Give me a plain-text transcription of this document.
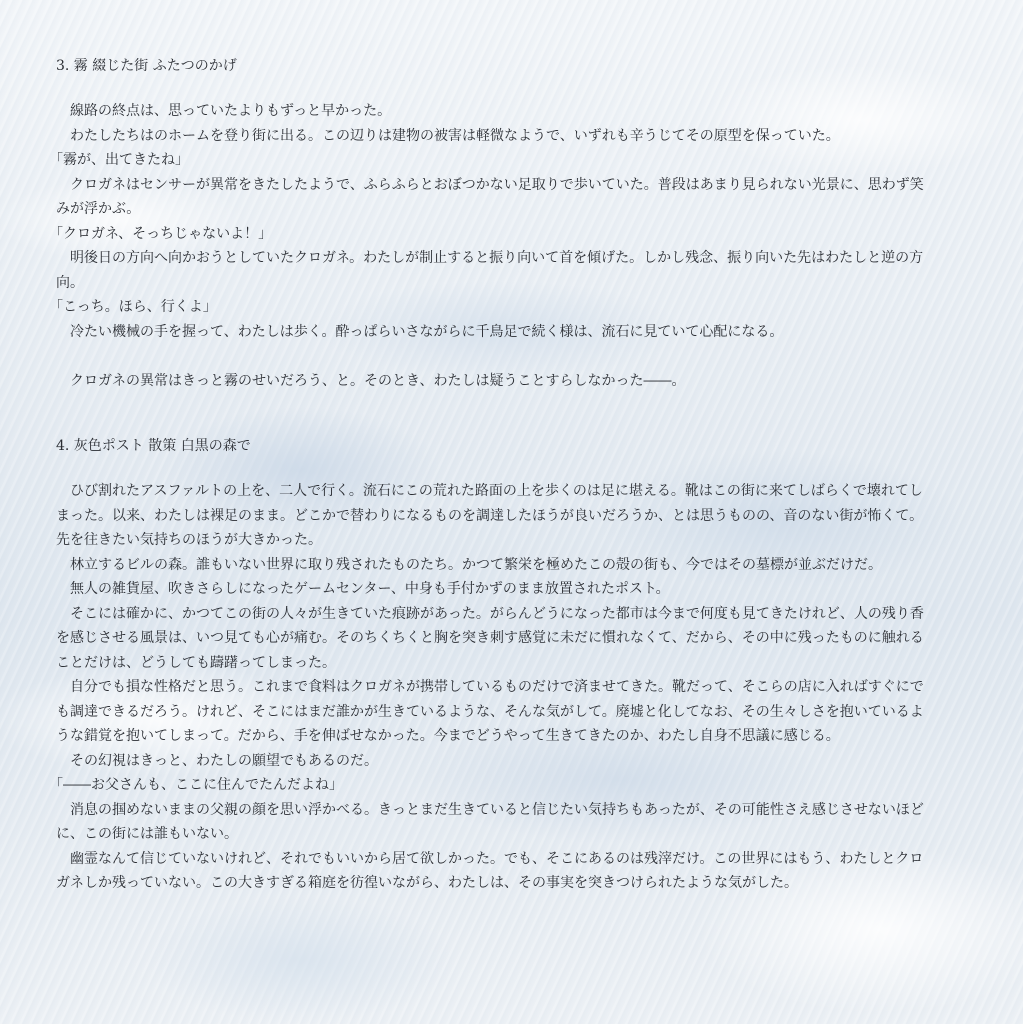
3. 霧 綴じた街 ふたつのかげ

線路の終点は、思っていたよりもずっと早かった。

わたしたちはのホームを登り街に出る。この辺りは建物の被害は軽微なようで、いずれも辛うじてその原型を保っていた。

「霧が、出てきたね」

クロガネはセンサーが異常をきたしたようで、ふらふらとおぼつかない足取りで歩いていた。普段はあまり見られない光景に、思わず笑みが浮かぶ。

「クロガネ、そっちじゃないよ！」

明後日の方向へ向かおうとしていたクロガネ。わたしが制止すると振り向いて首を傾げた。しかし残念、振り向いた先はわたしと逆の方向。

「こっち。ほら、行くよ」

冷たい機械の手を握って、わたしは歩く。酔っぱらいさながらに千鳥足で続く様は、流石に見ていて心配になる。

クロガネの異常はきっと霧のせいだろう、と。そのとき、わたしは疑うことすらしなかった――。

4. 灰色ポスト 散策 白黒の森で

ひび割れたアスファルトの上を、二人で行く。流石にこの荒れた路面の上を歩くのは足に堪える。靴はこの街に来てしばらくで壊れてしまった。以来、わたしは裸足のまま。どこかで替わりになるものを調達したほうが良いだろうか、とは思うものの、音のない街が怖くて。先を往きたい気持ちのほうが大きかった。

林立するビルの森。誰もいない世界に取り残されたものたち。かつて繁栄を極めたこの殻の街も、今ではその墓標が並ぶだけだ。

無人の雑貨屋、吹きさらしになったゲームセンター、中身も手付かずのまま放置されたポスト。

そこには確かに、かつてこの街の人々が生きていた痕跡があった。がらんどうになった都市は今まで何度も見てきたけれど、人の残り香を感じさせる風景は、いつ見ても心が痛む。そのちくちくと胸を突き刺す感覚に未だに慣れなくて、だから、その中に残ったものに触れることだけは、どうしても躊躇ってしまった。

自分でも損な性格だと思う。これまで食料はクロガネが携帯しているものだけで済ませてきた。靴だって、そこらの店に入ればすぐにでも調達できるだろう。けれど、そこにはまだ誰かが生きているような、そんな気がして。廃墟と化してなお、その生々しさを抱いているような錯覚を抱いてしまって。だから、手を伸ばせなかった。今までどうやって生きてきたのか、わたし自身不思議に感じる。

その幻視はきっと、わたしの願望でもあるのだ。

「――お父さんも、ここに住んでたんだよね」

消息の掴めないままの父親の顔を思い浮かべる。きっとまだ生きていると信じたい気持ちもあったが、その可能性さえ感じさせないほどに、この街には誰もいない。

幽霊なんて信じていないけれど、それでもいいから居て欲しかった。でも、そこにあるのは残滓だけ。この世界にはもう、わたしとクロガネしか残っていない。この大きすぎる箱庭を彷徨いながら、わたしは、その事実を突きつけられたような気がした。
